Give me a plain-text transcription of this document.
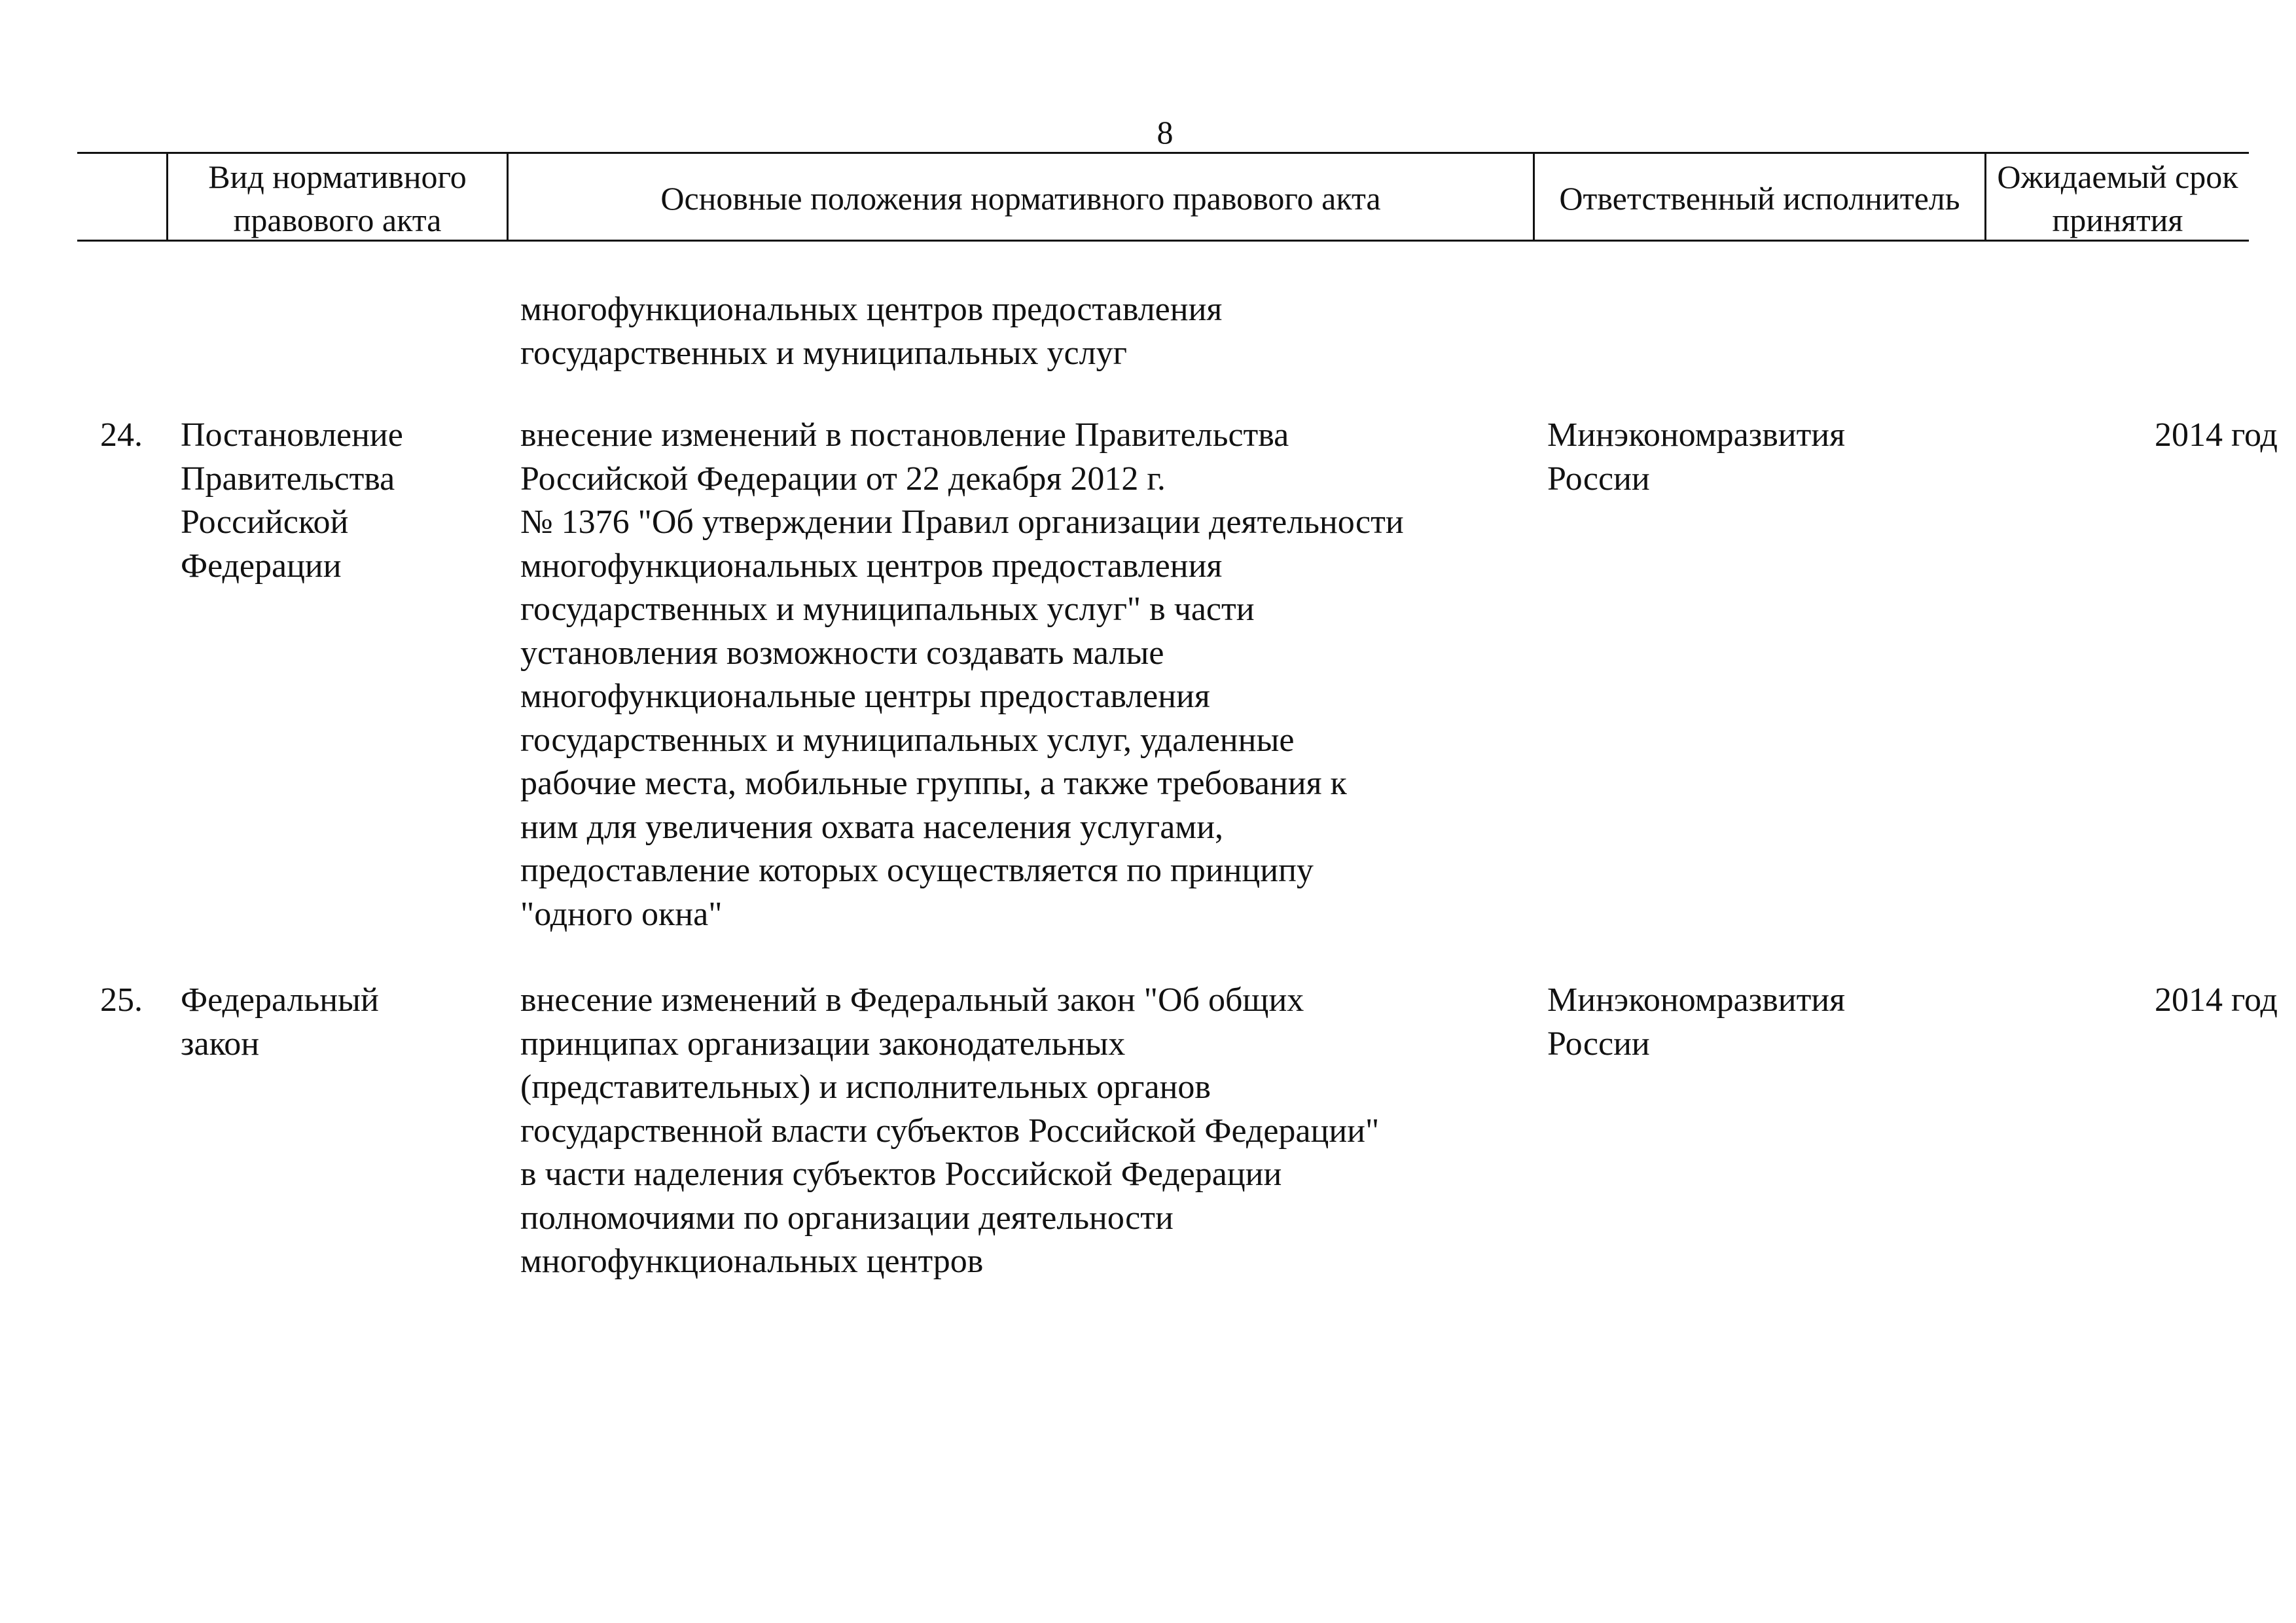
8
Вид нормативного правового акта
Основные положения нормативного правового акта	Ответственный исполнитель
Ожидаемый срок принятия
многофункциональных центров предоставления
государственных и муниципальных услуг
24. Постановление
Правительства
Российской
Федерации
внесение изменений в постановление Правительства
Российской Федерации от 22 декабря 2012 г.
№ 1376 "Об утверждении Правил организации деятельности
многофункциональных центров предоставления
государственных и муниципальных услуг" в части
установления возможности создавать малые
многофункциональные центры предоставления
государственных и муниципальных услуг, удаленные
рабочие места, мобильные группы, а также требования к
ним для увеличения охвата населения услугами,
предоставление которых осуществляется по принципу
"одного окна"
Минэкономразвития
России
2014 год
25. Федеральный
закон
внесение изменений в Федеральный закон "Об общих
принципах организации законодательных
(представительных) и исполнительных органов
государственной власти субъектов Российской Федерации"
в части наделения субъектов Российской Федерации
полномочиями по организации деятельности
многофункциональных центров
Минэкономразвития
России
2014 год
